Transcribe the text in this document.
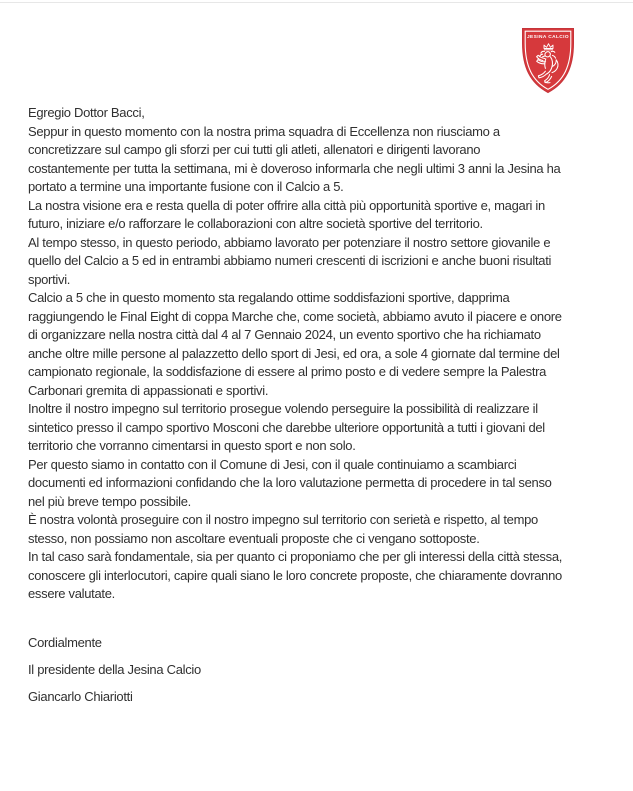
JESINA CALCIO

Egregio Dottor Bacci,

Seppur in questo momento con la nostra prima squadra di Eccellenza non riusciamo a
concretizzare sul campo gli sforzi per cui tutti gli atleti, allenatori e dirigenti lavorano
costantemente per tutta la settimana, mi è doveroso informarla che negli ultimi 3 anni la Jesina ha
portato a termine una importante fusione con il Calcio a 5.

La nostra visione era e resta quella di poter offrire alla città più opportunità sportive e, magari in
futuro, iniziare e/o rafforzare le collaborazioni con altre società sportive del territorio.

Al tempo stesso, in questo periodo, abbiamo lavorato per potenziare il nostro settore giovanile e
quello del Calcio a 5 ed in entrambi abbiamo numeri crescenti di iscrizioni e anche buoni risultati
sportivi.

Calcio a 5 che in questo momento sta regalando ottime soddisfazioni sportive, dapprima
raggiungendo le Final Eight di coppa Marche che, come società, abbiamo avuto il piacere e onore
di organizzare nella nostra città dal 4 al 7 Gennaio 2024, un evento sportivo che ha richiamato
anche oltre mille persone al palazzetto dello sport di Jesi, ed ora, a sole 4 giornate dal termine del
campionato regionale, la soddisfazione di essere al primo posto e di vedere sempre la Palestra
Carbonari gremita di appassionati e sportivi.

Inoltre il nostro impegno sul territorio prosegue volendo perseguire la possibilità di realizzare il
sintetico presso il campo sportivo Mosconi che darebbe ulteriore opportunità a tutti i giovani del
territorio che vorranno cimentarsi in questo sport e non solo.

Per questo siamo in contatto con il Comune di Jesi, con il quale continuiamo a scambiarci
documenti ed informazioni confidando che la loro valutazione permetta di procedere in tal senso
nel più breve tempo possibile.

È nostra volontà proseguire con il nostro impegno sul territorio con serietà e rispetto, al tempo
stesso, non possiamo non ascoltare eventuali proposte che ci vengano sottoposte.

In tal caso sarà fondamentale, sia per quanto ci proponiamo che per gli interessi della città stessa,
conoscere gli interlocutori, capire quali siano le loro concrete proposte, che chiaramente dovranno
essere valutate.

Cordialmente

Il presidente della Jesina Calcio

Giancarlo Chiariotti
